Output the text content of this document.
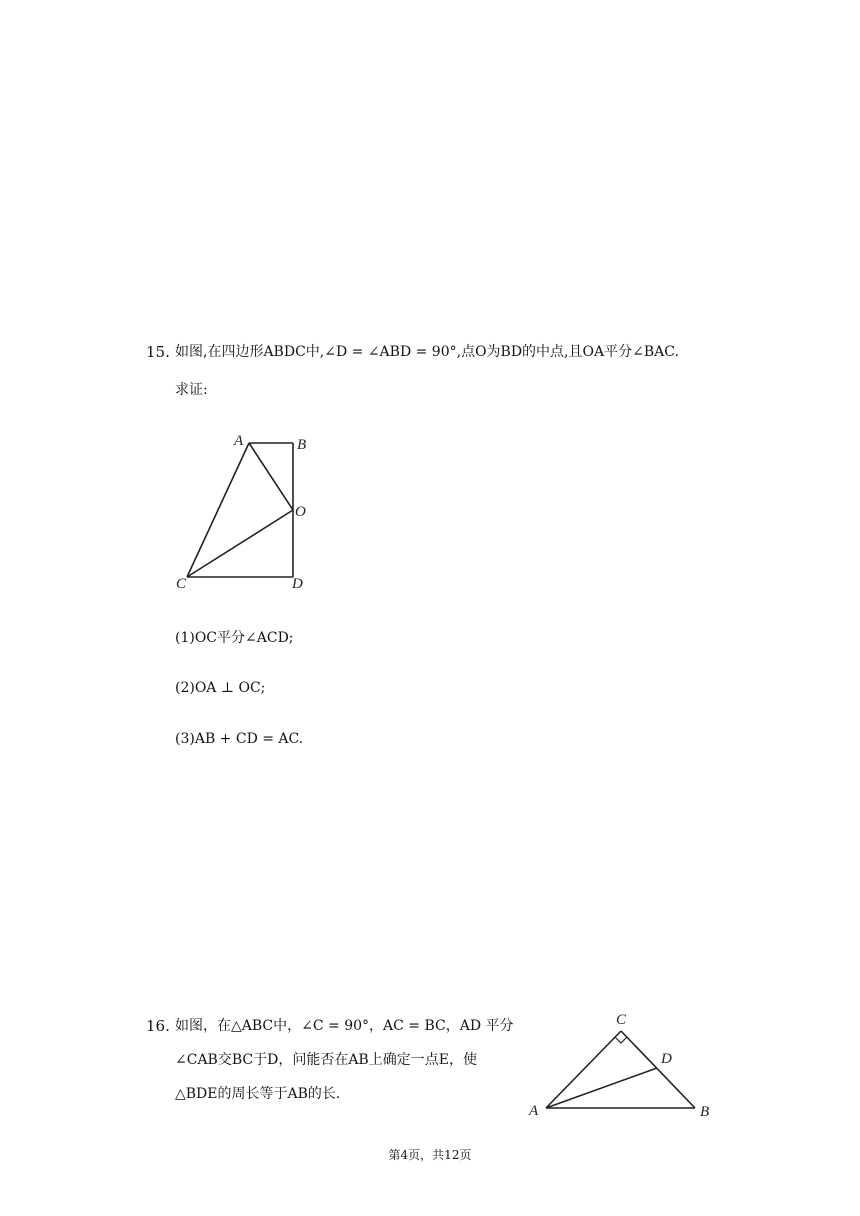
15. 如图,在四边形ABDC中,∠D = ∠ABD = 90°,点O为BD的中点,且OA平分∠BAC.
求证:
A	B
O
C	D
(1)OC平分∠ACD;
(2)OA ⊥ OC;
(3)AB + CD = AC.
16. 如图，在△ABC中，∠C = 90°，AC = BC，AD 平分
∠CAB交BC于D，问能否在AB上确定一点E，使
△BDE的周长等于AB的长.
C
D
A	B
第4页，共12页
